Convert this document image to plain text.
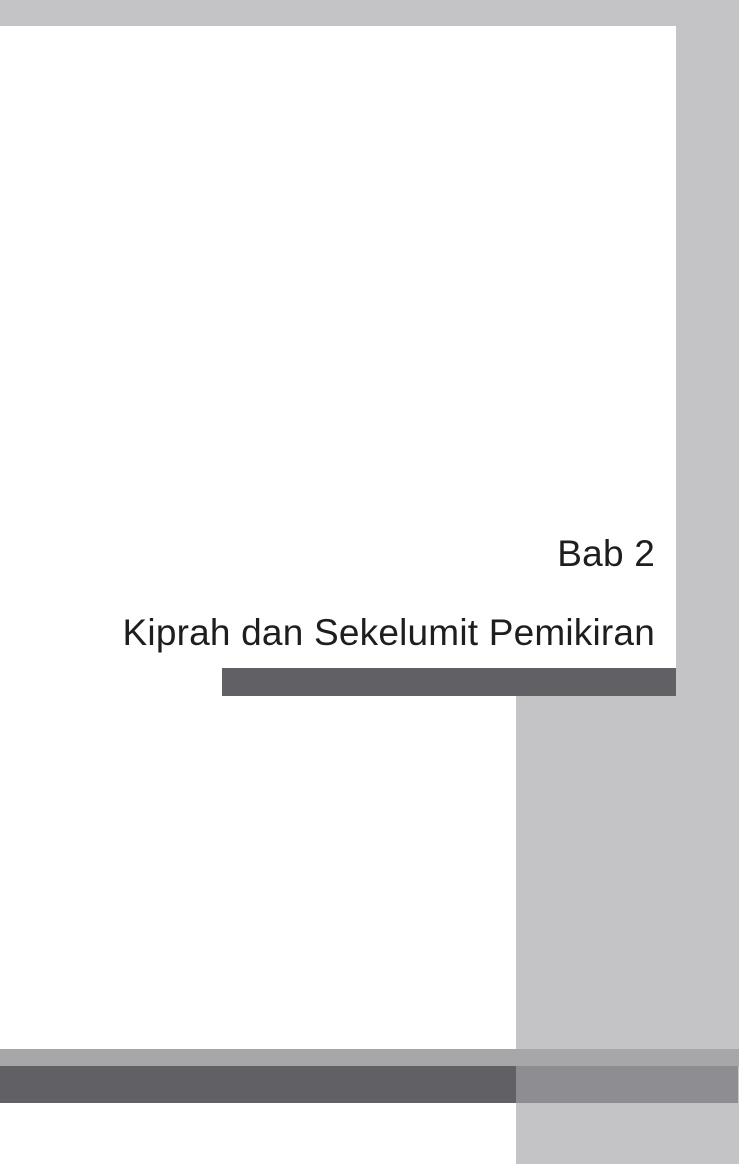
Bab 2
Kiprah dan Sekelumit Pemikiran
